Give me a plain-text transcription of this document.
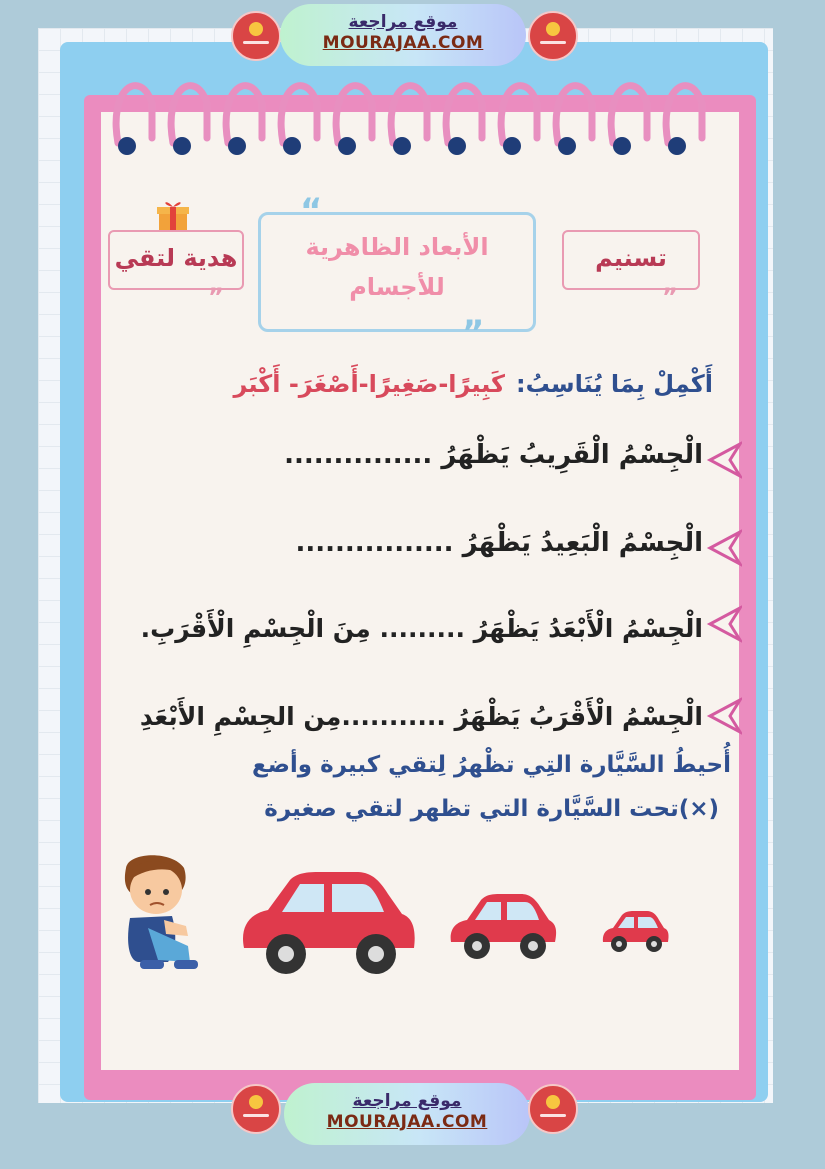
موقع مراجعة
MOURAJAA.COM
هدية لتقي
”
الأبعاد الظاهرية
للأجسام
“
”
تسنيم
”
أَكْمِلْ بِمَا يُنَاسِبُ:
كَبِيرًا-صَغِيرًا-أَصْغَرَ- أَكْبَر
الْجِسْمُ الْقَرِيبُ يَظْهَرُ ...............
الْجِسْمُ الْبَعِيدُ يَظْهَرُ ................
الْجِسْمُ الْأَبْعَدُ يَظْهَرُ ......... مِنَ الْجِسْمِ الْأَقْرَبِ.
الْجِسْمُ الْأَقْرَبُ يَظْهَرُ ...........مِن الجِسْمِ الأَبْعَدِ
أُحيطُ السَّيَّارة التِي تظْهرُ لِتقي كبيرة وأضع
(×)تحت السَّيَّارة التي تظهر لتقي صغيرة
موقع مراجعة
MOURAJAA.COM
